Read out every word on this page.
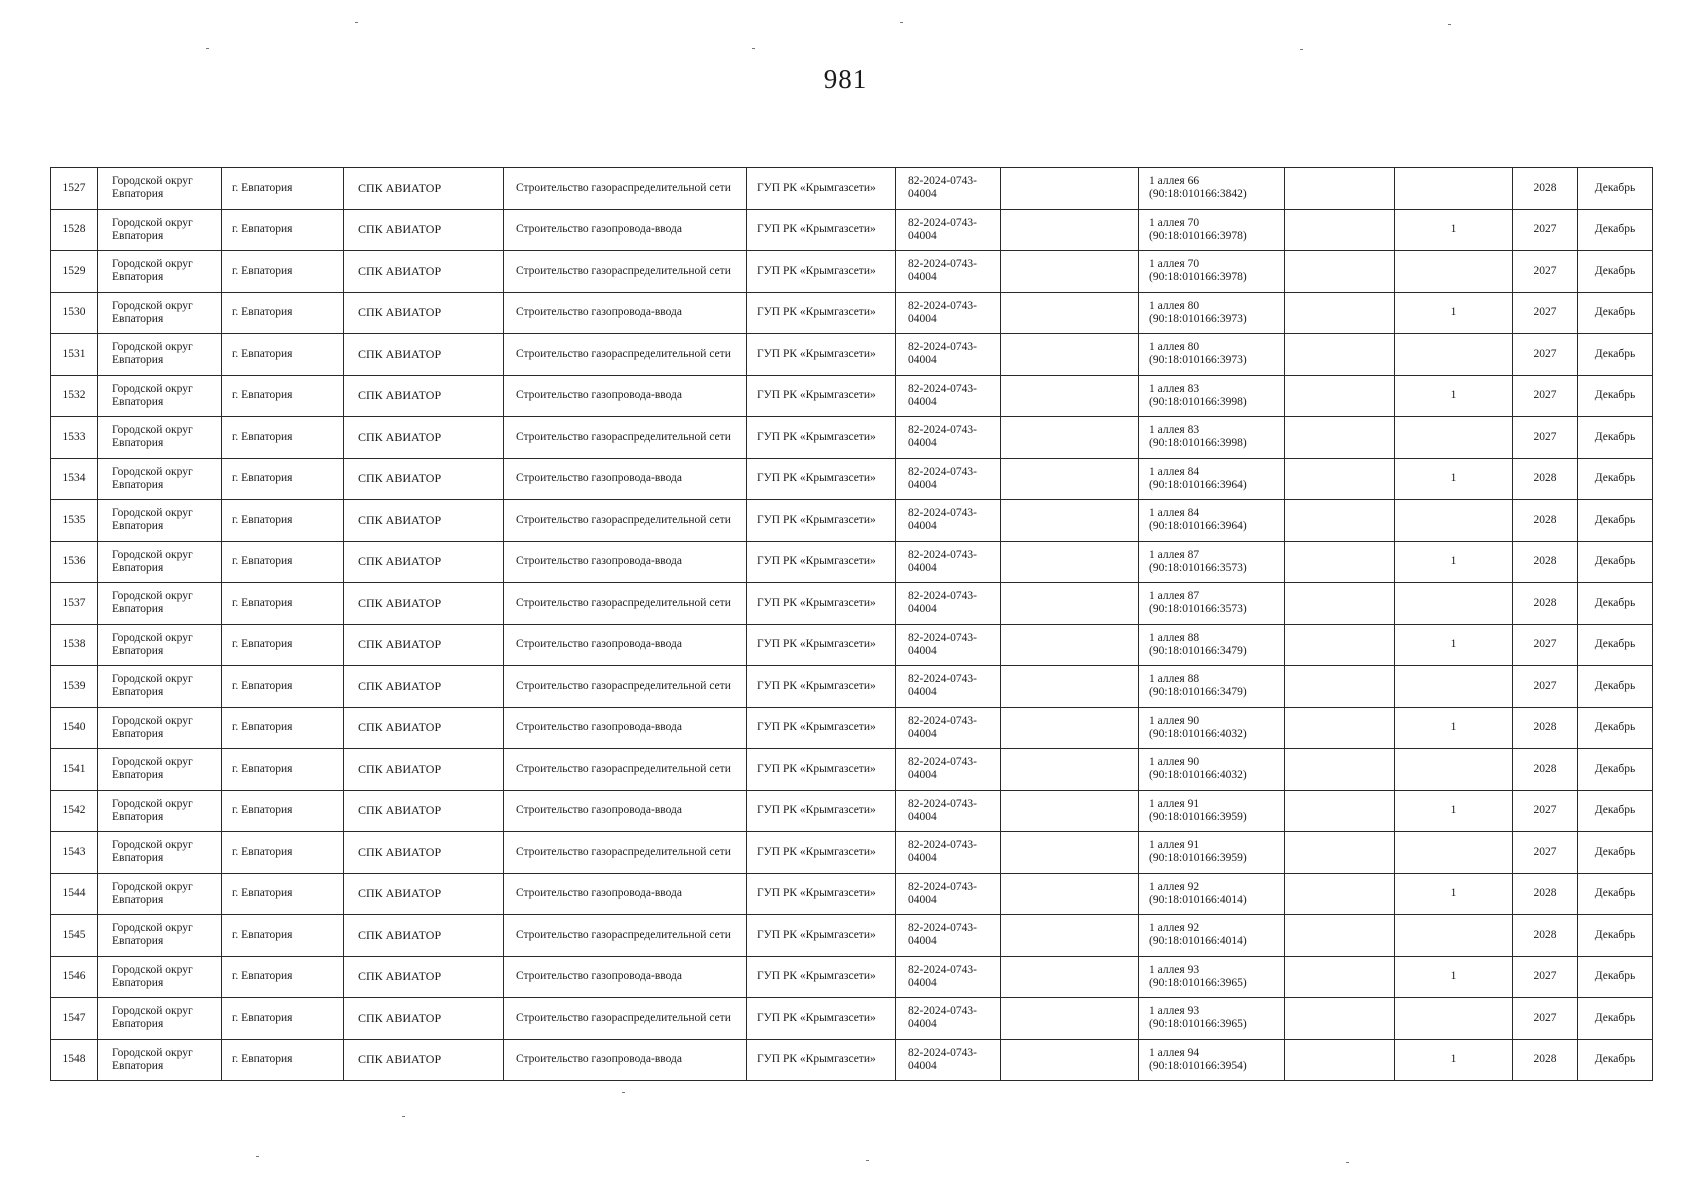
981
1527	Городской округ Евпатория	г. Евпатория	СПК АВИАТОР	Строительство газораспределительной сети	ГУП РК «Крымгазсети»	82-2024-0743-04004		1 аллея 66 (90:18:010166:3842)			2028	Декабрь
1528	Городской округ Евпатория	г. Евпатория	СПК АВИАТОР	Строительство газопровода-ввода	ГУП РК «Крымгазсети»	82-2024-0743-04004		1 аллея 70 (90:18:010166:3978)		1	2027	Декабрь
1529	Городской округ Евпатория	г. Евпатория	СПК АВИАТОР	Строительство газораспределительной сети	ГУП РК «Крымгазсети»	82-2024-0743-04004		1 аллея 70 (90:18:010166:3978)			2027	Декабрь
1530	Городской округ Евпатория	г. Евпатория	СПК АВИАТОР	Строительство газопровода-ввода	ГУП РК «Крымгазсети»	82-2024-0743-04004		1 аллея 80 (90:18:010166:3973)		1	2027	Декабрь
1531	Городской округ Евпатория	г. Евпатория	СПК АВИАТОР	Строительство газораспределительной сети	ГУП РК «Крымгазсети»	82-2024-0743-04004		1 аллея 80 (90:18:010166:3973)			2027	Декабрь
1532	Городской округ Евпатория	г. Евпатория	СПК АВИАТОР	Строительство газопровода-ввода	ГУП РК «Крымгазсети»	82-2024-0743-04004		1 аллея 83 (90:18:010166:3998)		1	2027	Декабрь
1533	Городской округ Евпатория	г. Евпатория	СПК АВИАТОР	Строительство газораспределительной сети	ГУП РК «Крымгазсети»	82-2024-0743-04004		1 аллея 83 (90:18:010166:3998)			2027	Декабрь
1534	Городской округ Евпатория	г. Евпатория	СПК АВИАТОР	Строительство газопровода-ввода	ГУП РК «Крымгазсети»	82-2024-0743-04004		1 аллея 84 (90:18:010166:3964)		1	2028	Декабрь
1535	Городской округ Евпатория	г. Евпатория	СПК АВИАТОР	Строительство газораспределительной сети	ГУП РК «Крымгазсети»	82-2024-0743-04004		1 аллея 84 (90:18:010166:3964)			2028	Декабрь
1536	Городской округ Евпатория	г. Евпатория	СПК АВИАТОР	Строительство газопровода-ввода	ГУП РК «Крымгазсети»	82-2024-0743-04004		1 аллея 87 (90:18:010166:3573)		1	2028	Декабрь
1537	Городской округ Евпатория	г. Евпатория	СПК АВИАТОР	Строительство газораспределительной сети	ГУП РК «Крымгазсети»	82-2024-0743-04004		1 аллея 87 (90:18:010166:3573)			2028	Декабрь
1538	Городской округ Евпатория	г. Евпатория	СПК АВИАТОР	Строительство газопровода-ввода	ГУП РК «Крымгазсети»	82-2024-0743-04004		1 аллея 88 (90:18:010166:3479)		1	2027	Декабрь
1539	Городской округ Евпатория	г. Евпатория	СПК АВИАТОР	Строительство газораспределительной сети	ГУП РК «Крымгазсети»	82-2024-0743-04004		1 аллея 88 (90:18:010166:3479)			2027	Декабрь
1540	Городской округ Евпатория	г. Евпатория	СПК АВИАТОР	Строительство газопровода-ввода	ГУП РК «Крымгазсети»	82-2024-0743-04004		1 аллея 90 (90:18:010166:4032)		1	2028	Декабрь
1541	Городской округ Евпатория	г. Евпатория	СПК АВИАТОР	Строительство газораспределительной сети	ГУП РК «Крымгазсети»	82-2024-0743-04004		1 аллея 90 (90:18:010166:4032)			2028	Декабрь
1542	Городской округ Евпатория	г. Евпатория	СПК АВИАТОР	Строительство газопровода-ввода	ГУП РК «Крымгазсети»	82-2024-0743-04004		1 аллея 91 (90:18:010166:3959)		1	2027	Декабрь
1543	Городской округ Евпатория	г. Евпатория	СПК АВИАТОР	Строительство газораспределительной сети	ГУП РК «Крымгазсети»	82-2024-0743-04004		1 аллея 91 (90:18:010166:3959)			2027	Декабрь
1544	Городской округ Евпатория	г. Евпатория	СПК АВИАТОР	Строительство газопровода-ввода	ГУП РК «Крымгазсети»	82-2024-0743-04004		1 аллея 92 (90:18:010166:4014)		1	2028	Декабрь
1545	Городской округ Евпатория	г. Евпатория	СПК АВИАТОР	Строительство газораспределительной сети	ГУП РК «Крымгазсети»	82-2024-0743-04004		1 аллея 92 (90:18:010166:4014)			2028	Декабрь
1546	Городской округ Евпатория	г. Евпатория	СПК АВИАТОР	Строительство газопровода-ввода	ГУП РК «Крымгазсети»	82-2024-0743-04004		1 аллея 93 (90:18:010166:3965)		1	2027	Декабрь
1547	Городской округ Евпатория	г. Евпатория	СПК АВИАТОР	Строительство газораспределительной сети	ГУП РК «Крымгазсети»	82-2024-0743-04004		1 аллея 93 (90:18:010166:3965)			2027	Декабрь
1548	Городской округ Евпатория	г. Евпатория	СПК АВИАТОР	Строительство газопровода-ввода	ГУП РК «Крымгазсети»	82-2024-0743-04004		1 аллея 94 (90:18:010166:3954)		1	2028	Декабрь
